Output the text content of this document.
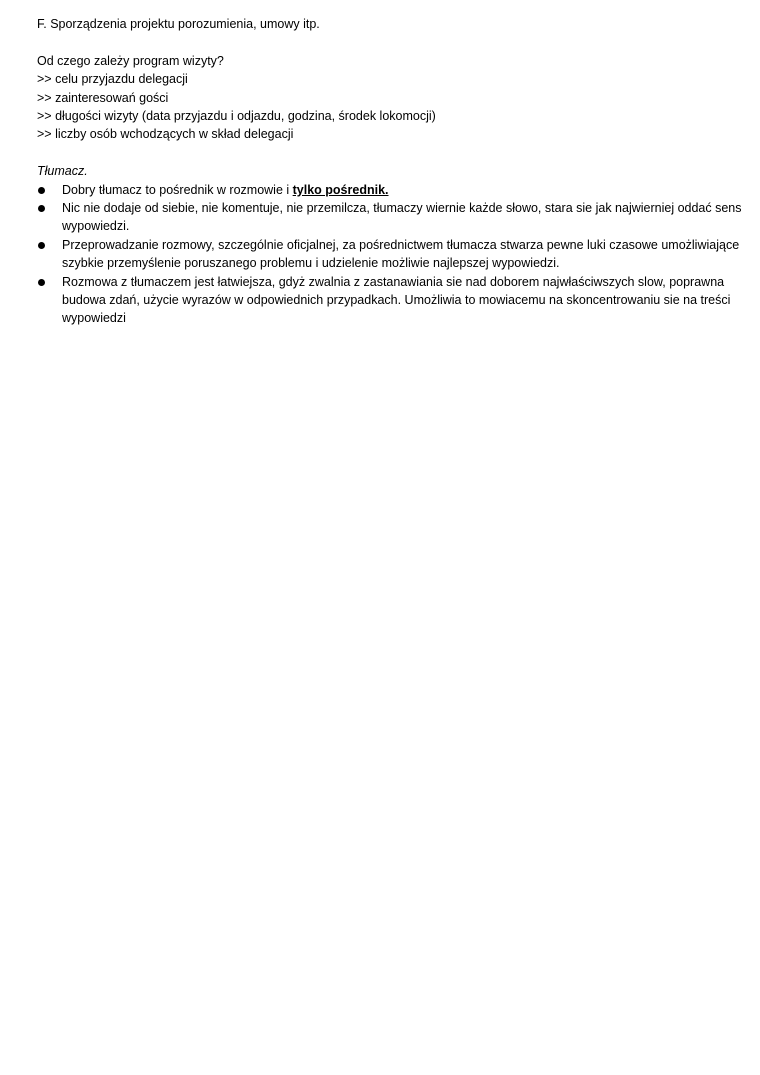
F. Sporządzenia projektu porozumienia, umowy itp.

Od czego zależy program wizyty?

>> celu przyjazdu delegacji

>> zainteresowań gości

>> długości wizyty (data przyjazdu i odjazdu, godzina, środek lokomocji)

>> liczby osób wchodzących w skład delegacji

Tłumacz.

Dobry tłumacz to pośrednik w rozmowie i tylko pośrednik.
Nic nie dodaje od siebie, nie komentuje, nie przemilcza, tłumaczy wiernie każde słowo, stara sie jak najwierniej oddać sens
wypowiedzi.
Przeprowadzanie rozmowy, szczególnie oficjalnej, za pośrednictwem tłumacza stwarza pewne luki czasowe umożliwiające
szybkie przemyślenie poruszanego problemu i udzielenie możliwie najlepszej wypowiedzi.
Rozmowa z tłumaczem jest łatwiejsza, gdyż zwalnia z zastanawiania sie nad doborem najwłaściwszych slow, poprawna
budowa zdań, użycie wyrazów w odpowiednich przypadkach. Umożliwia to mowiacemu na skoncentrowaniu sie na treści
wypowiedzi
